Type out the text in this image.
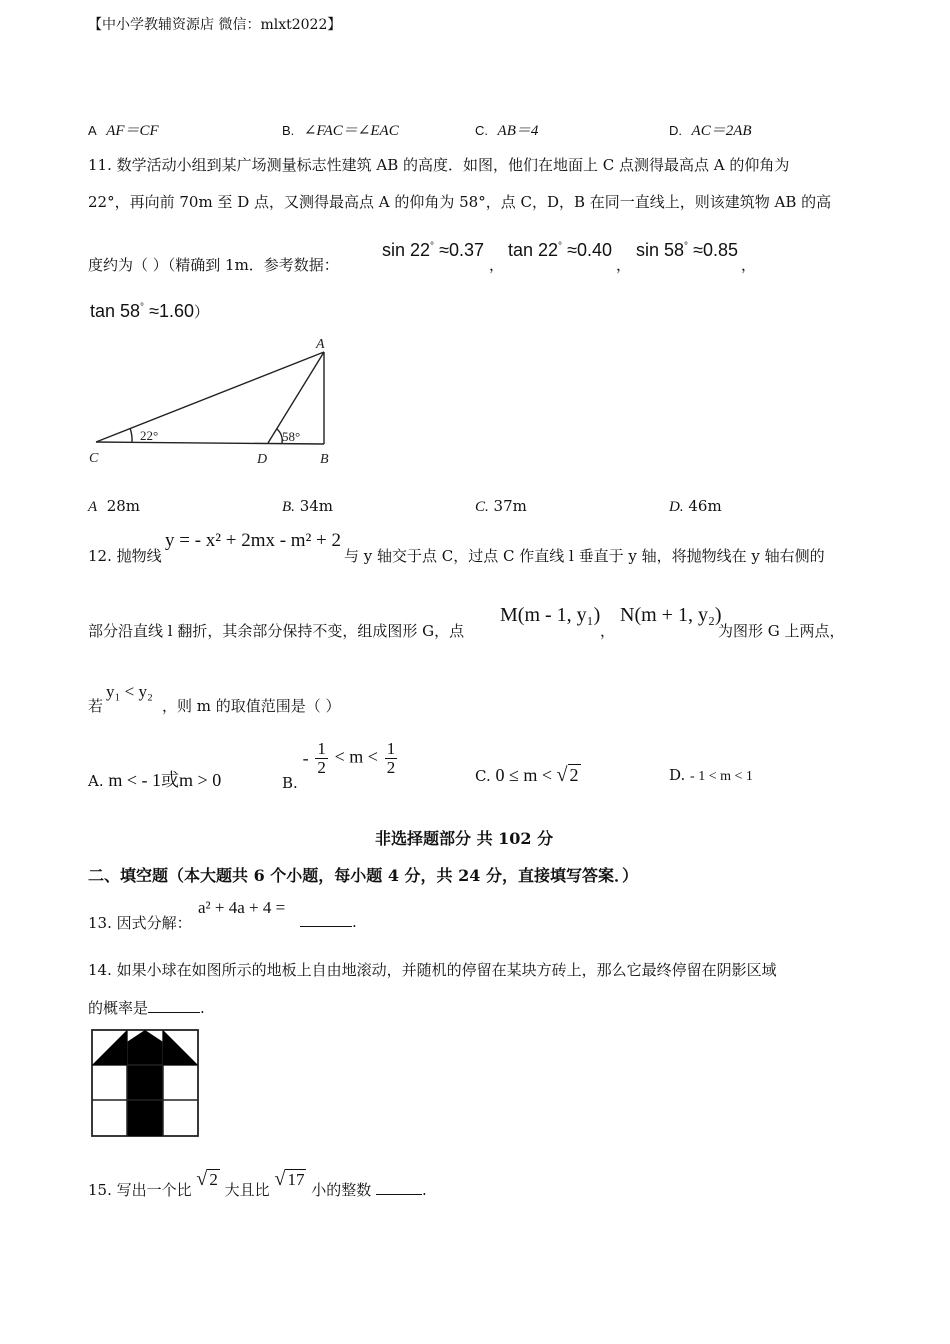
【中小学教辅资源店 微信：mlxt2022】
A AF＝CF	B. ∠FAC＝∠EAC	C. AB＝4	D. AC＝2AB
11. 数学活动小组到某广场测量标志性建筑 AB 的高度．如图，他们在地面上 C 点测得最高点 A 的仰角为
22°，再向前 70m 至 D 点，又测得最高点 A 的仰角为 58°，点 C，D，B 在同一直线上，则该建筑物 AB 的高
度约为（ ）（精确到 1m．参考数据：
sin 22° ≈0.37
，
tan 22° ≈0.40
，
sin 58° ≈0.85
，
tan 58° ≈1.60）
A
C	D	B
22°	58°
A 28m	B. 34m	C. 37m	D. 46m
12. 抛物线
y = - x² + 2mx - m² + 2
与 y 轴交于点 C，过点 C 作直线 l 垂直于 y 轴，将抛物线在 y 轴右侧的
部分沿直线 l 翻折，其余部分保持不变，组成图形 G，点
M(m - 1, y₁)
，
N(m + 1, y₂)
为图形 G 上两点，
若
y₁ < y₂
，则 m 的取值范围是（ ）
A. m < - 1或m > 0	B. - $\frac{1}{2} < m < \frac{1}{2}$	C. 0 ≤ m < √ 2	D. - 1 < m < 1
非选择题部分 共 102 分
二、填空题（本大题共 6 个小题，每小题 4 分，共 24 分，直接填写答案．）
13. 因式分解：
a² + 4a + 4 =
.
14. 如果小球在如图所示的地板上自由地滚动，并随机的停留在某块方砖上，那么它最终停留在阴影区域
的概率是	.
15. 写出一个比 √ 2 大且比 √ 17 小的整数	.
